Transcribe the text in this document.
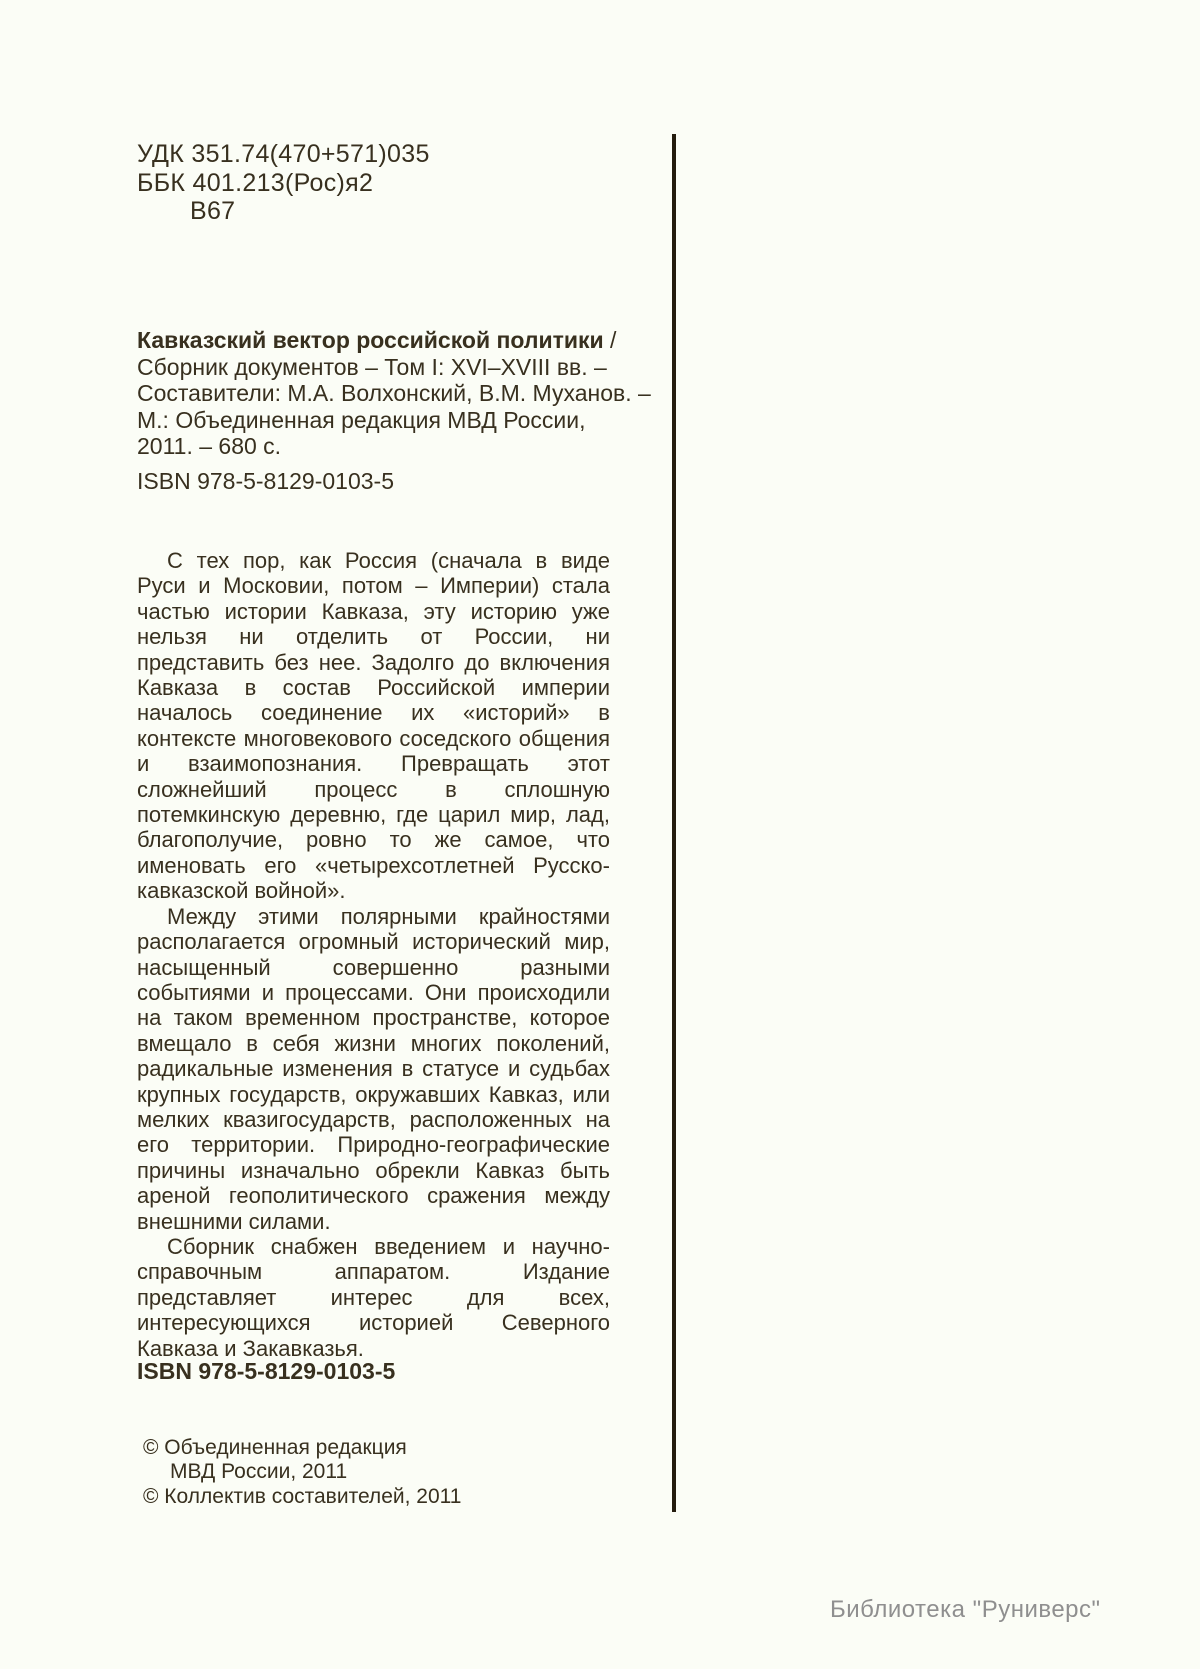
УДК 351.74(470+571)035
ББК 401.213(Рос)я2
В67
Кавказский вектор российской политики /
Сборник документов – Том I: XVI–XVIII вв. –
Составители: М.А. Волхонский, В.М. Муханов. –
М.: Объединенная редакция МВД России,
2011. – 680 с.
ISBN 978-5-8129-0103-5
С тех пор, как Россия (сначала в виде Руси и Московии, потом – Империи) стала частью истории Кавказа, эту историю уже нельзя ни отделить от России, ни представить без нее. Задолго до включения Кавказа в состав Российской империи началось соединение их «историй» в контексте многовекового соседского общения и взаимопознания. Превращать этот сложнейший процесс в сплошную потемкинскую деревню, где царил мир, лад, благополучие, ровно то же самое, что именовать его «четырехсотлетней Русско-кавказской войной».
Между этими полярными крайностями располагается огромный исторический мир, насыщенный совершенно разными событиями и процессами. Они происходили на таком временном пространстве, которое вмещало в себя жизни многих поколений, радикальные изменения в статусе и судьбах крупных государств, окружавших Кавказ, или мелких квазигосударств, расположенных на его территории. Природно-географические причины изначально обрекли Кавказ быть ареной геополитического сражения между внешними силами.
Сборник снабжен введением и научно-справочным аппаратом. Издание представляет интерес для всех, интересующихся историей Северного Кавказа и Закавказья.
ISBN 978-5-8129-0103-5
© Объединенная редакция
МВД России, 2011
© Коллектив составителей, 2011
Библиотека "Руниверс"
